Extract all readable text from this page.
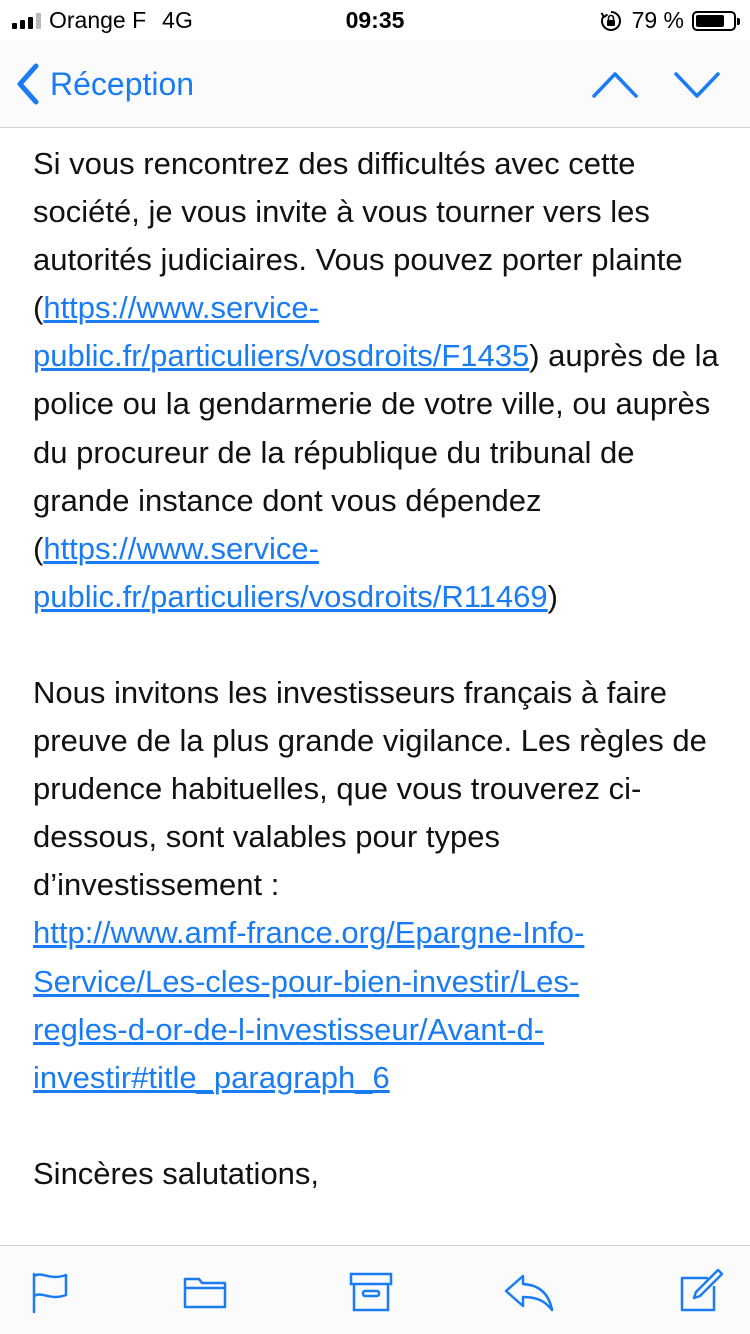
Orange F 4G	09:35	79 %
Réception

Si vous rencontrez des difficultés avec cette société, je vous invite à vous tourner vers les autorités judiciaires. Vous pouvez porter plainte (https://www.service-public.fr/particuliers/vosdroits/F1435) auprès de la police ou la gendarmerie de votre ville, ou auprès du procureur de la république du tribunal de grande instance dont vous dépendez (https://www.service-public.fr/particuliers/vosdroits/R11469)

Nous invitons les investisseurs français à faire preuve de la plus grande vigilance. Les règles de prudence habituelles, que vous trouverez ci-dessous, sont valables pour types d’investissement :

http://www.amf-france.org/Epargne-Info-
Service/Les-cles-pour-bien-investir/Les-
regles-d-or-de-l-investisseur/Avant-d-
investir#title_paragraph_6

Sincères salutations,
